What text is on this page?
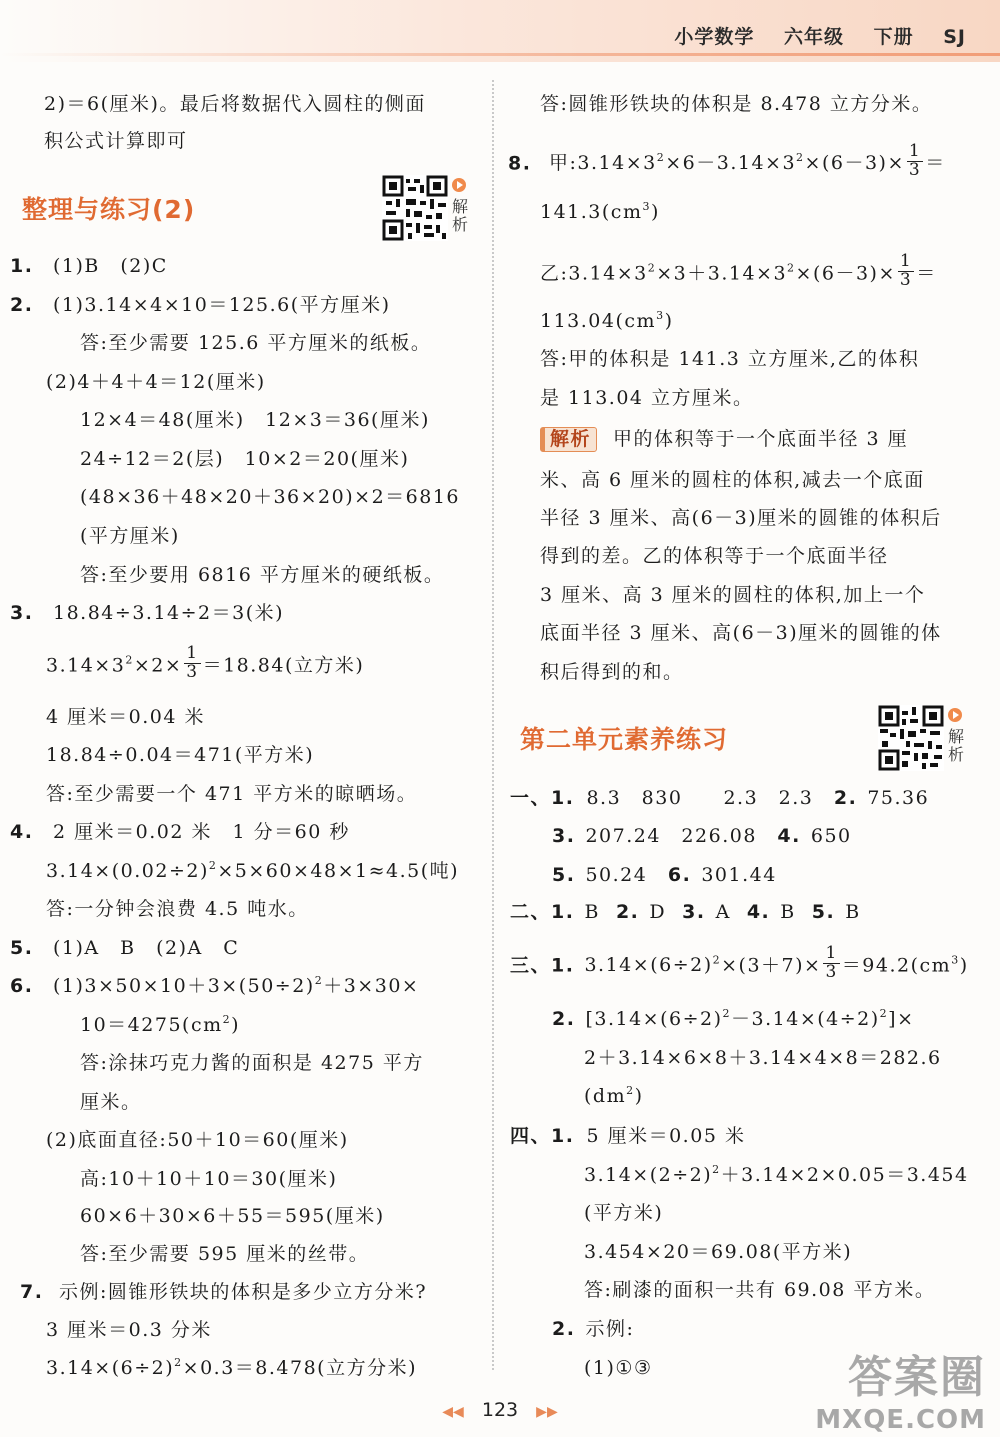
小学数学 六年级 下册 SJ
2)＝6(厘米)。最后将数据代入圆柱的侧面
积公式计算即可
整理与练习(2)	解析
1. (1)B　(2)C
2. (1)3.14×4×10＝125.6(平方厘米)
答:至少需要 125.6 平方厘米的纸板。
(2)4＋4＋4＝12(厘米)
12×4＝48(厘米)　12×3＝36(厘米)
24÷12＝2(层)　10×2＝20(厘米)
(48×36＋48×20＋36×20)×2＝6816
(平方厘米)
答:至少要用 6816 平方厘米的硬纸板。
3. 18.84÷3.14÷2＝3(米)
$3.14\times 3^2\times 2\times \frac{1}{3} =18.84$(立方米)
4 厘米＝0.04 米
18.84÷0.04＝471(平方米)
答:至少需要一个 471 平方米的晾晒场。
4. 2 厘米＝0.02 米　1 分＝60 秒
$3.14\times(0.02\div 2)^2\times 5\times 60\times 48\times 1\approx 4.5$(吨)
答:一分钟会浪费 4.5 吨水。
5. (1)A　B　(2)A　C
6. $(1)3\times 50\times 10+3\times(50\div 2)^2+3\times 30\times$
$10=4275(cm^2)$
答:涂抹巧克力酱的面积是 4275 平方
厘米。
(2)底面直径:50＋10＝60(厘米)
高:10＋10＋10＝30(厘米)
60×6＋30×6＋55＝595(厘米)
答:至少需要 595 厘米的丝带。
7. 示例:圆锥形铁块的体积是多少立方分米?
3 厘米＝0.3 分米
$3.14\times(6\div 2)^2\times 0.3=8.478$(立方分米)
答:圆锥形铁块的体积是 8.478 立方分米。
8. 甲$:3.14\times 3^2\times 6-3.14\times 3^2\times(6-3)\times \frac{1}{3}$ ＝
$141.3(cm^3)$
乙$:3.14\times 3^2\times 3+3.14\times 3^2\times(6-3)\times \frac{1}{3}$ ＝
$113.04(cm^3)$
答:甲的体积是 141.3 立方厘米,乙的体积
是 113.04 立方厘米。
解析 甲的体积等于一个底面半径 3 厘
米、高 6 厘米的圆柱的体积,减去一个底面
半径 3 厘米、高(6－3)厘米的圆锥的体积后
得到的差。乙的体积等于一个底面半径
3 厘米、高 3 厘米的圆柱的体积,加上一个
底面半径 3 厘米、高(6－3)厘米的圆锥的体
积后得到的和。
第二单元素养练习	解析
一、1. 8.3　830　　2.3　2.3　2. 75.36
3. 207.24　226.08　4. 650
5. 50.24　6. 301.44
二、1. B 2. D 3. A 4. B 5. B
三、1. $3.14\times(6\div 2)^2\times(3+7)\times \frac{1}{3} =94.2(cm^3)$
2. $[3.14\times(6\div 2)^2-3.14\times(4\div 2)^2]\times$
2＋3.14×6×8＋3.14×4×8＝282.6
$(dm^2)$
四、1. 5 厘米＝0.05 米
$3.14\times(2\div 2)^2+3.14\times 2\times 0.05=3.454$
(平方米)
3.454×20＝69.08(平方米)
答:刷漆的面积一共有 69.08 平方米。
2. 示例:
(1)①③
◀◀ 123 ▶▶
答案圈
MXQE.COM
